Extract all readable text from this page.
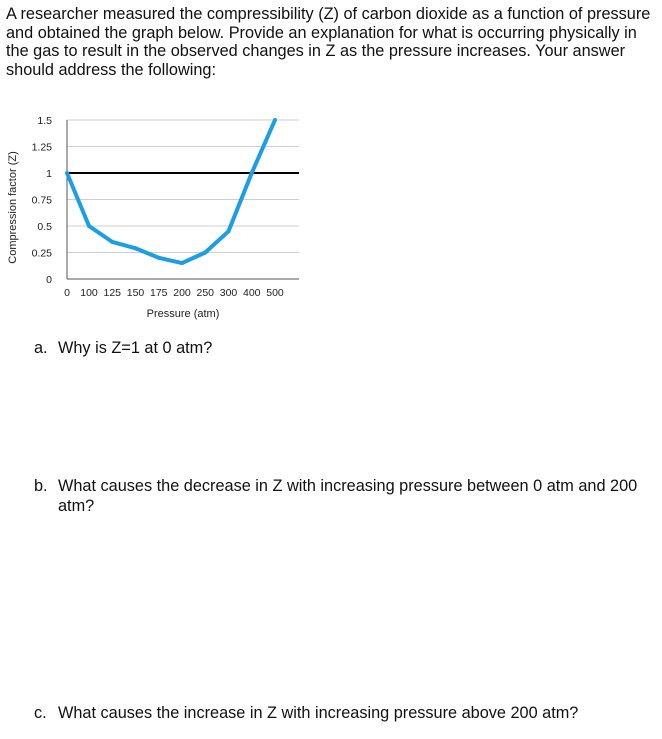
A researcher measured the compressibility (Z) of carbon dioxide as a function of pressure and obtained the graph below. Provide an explanation for what is occurring physically in the gas to result in the observed changes in Z as the pressure increases. Your answer should address the following:

0
0.25
0.5
0.75
1
1.25
1.5
0 100 125 150 175 200 250 300 400 500
Pressure (atm)
Compression factor (Z)
a. Why is Z=1 at 0 atm?
b. What causes the decrease in Z with increasing pressure between 0 atm and 200 atm?
c. What causes the increase in Z with increasing pressure above 200 atm?
